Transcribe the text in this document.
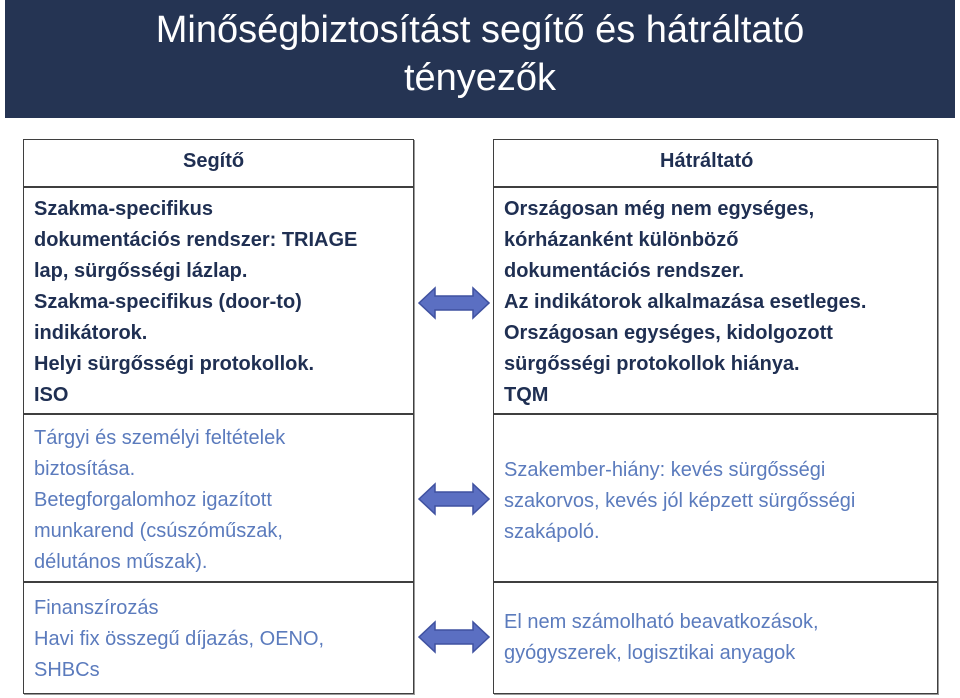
Minőségbiztosítást segítő és hátráltató
tényezők
Segítő
Szakma-specifikus
dokumentációs rendszer: TRIAGE
lap, sürgősségi lázlap.
Szakma-specifikus (door-to)
indikátorok.
Helyi sürgősségi protokollok.
ISO
Tárgyi és személyi feltételek
biztosítása.
Betegforgalomhoz igazított
munkarend (csúszóműszak,
délutános műszak).
Finanszírozás
Havi fix összegű díjazás, OENO,
SHBCs
Hátráltató
Országosan még nem egységes,
kórházanként különböző
dokumentációs rendszer.
Az indikátorok alkalmazása esetleges.
Országosan egységes, kidolgozott
sürgősségi protokollok hiánya.
TQM
Szakember-hiány: kevés sürgősségi
szakorvos, kevés jól képzett sürgősségi
szakápoló.
El nem számolható beavatkozások,
gyógyszerek, logisztikai anyagok
